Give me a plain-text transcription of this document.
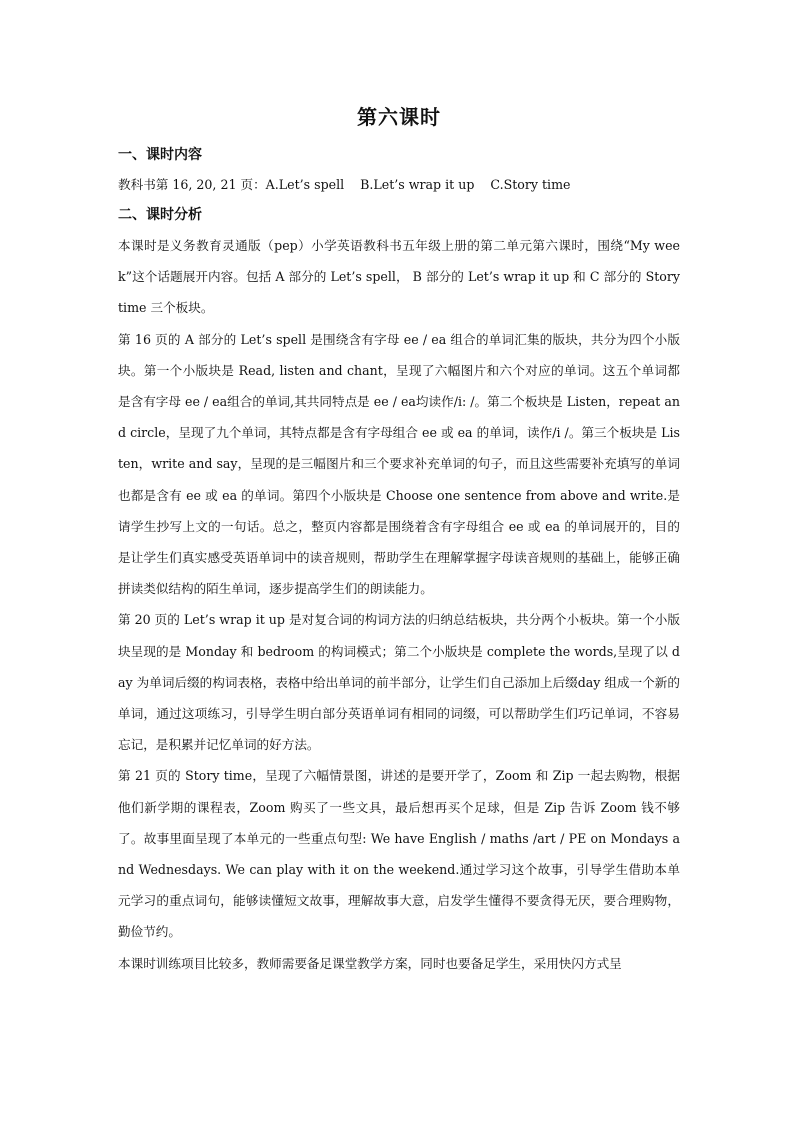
第六课时
一、课时内容

教科书第 16, 20, 21 页：A.Let’s spell    B.Let’s wrap it up    C.Story time

二、课时分析

本课时是义务教育灵通版（pep）小学英语教科书五年级上册的第二单元第六课时，围绕“My week”这个话题展开内容。包括 A 部分的 Let’s spell， B 部分的 Let’s wrap it up 和 C 部分的 Story time 三个板块。

第 16 页的 A 部分的 Let’s spell 是围绕含有字母 ee / ea 组合的单词汇集的版块，共分为四个小版块。第一个小版块是 Read, listen and chant，呈现了六幅图片和六个对应的单词。这五个单词都是含有字母 ee / ea组合的单词,其共同特点是 ee / ea均读作/i: /。第二个板块是 Listen，repeat and circle，呈现了九个单词，其特点都是含有字母组合 ee 或 ea 的单词，读作/i /。第三个板块是 Listen，write and say，呈现的是三幅图片和三个要求补充单词的句子，而且这些需要补充填写的单词也都是含有 ee 或 ea 的单词。第四个小版块是 Choose one sentence from above and write.是请学生抄写上文的一句话。总之，整页内容都是围绕着含有字母组合 ee 或 ea 的单词展开的，目的是让学生们真实感受英语单词中的读音规则，帮助学生在理解掌握字母读音规则的基础上，能够正确拼读类似结构的陌生单词，逐步提高学生们的朗读能力。

第 20 页的 Let’s wrap it up 是对复合词的构词方法的归纳总结板块，共分两个小板块。第一个小版块呈现的是 Monday 和 bedroom 的构词模式；第二个小版块是 complete the words,呈现了以 day 为单词后缀的构词表格，表格中给出单词的前半部分，让学生们自己添加上后缀day 组成一个新的单词，通过这项练习，引导学生明白部分英语单词有相同的词缀，可以帮助学生们巧记单词，不容易忘记，是积累并记忆单词的好方法。

第 21 页的 Story time，呈现了六幅情景图，讲述的是要开学了，Zoom 和 Zip 一起去购物，根据他们新学期的课程表，Zoom 购买了一些文具，最后想再买个足球，但是 Zip 告诉 Zoom 钱不够了。故事里面呈现了本单元的一些重点句型: We have English / maths /art / PE on Mondays and Wednesdays. We can play with it on the weekend.通过学习这个故事，引导学生借助本单元学习的重点词句，能够读懂短文故事，理解故事大意，启发学生懂得不要贪得无厌，要合理购物，勤俭节约。

本课时训练项目比较多，教师需要备足课堂教学方案，同时也要备足学生，采用快闪方式呈
